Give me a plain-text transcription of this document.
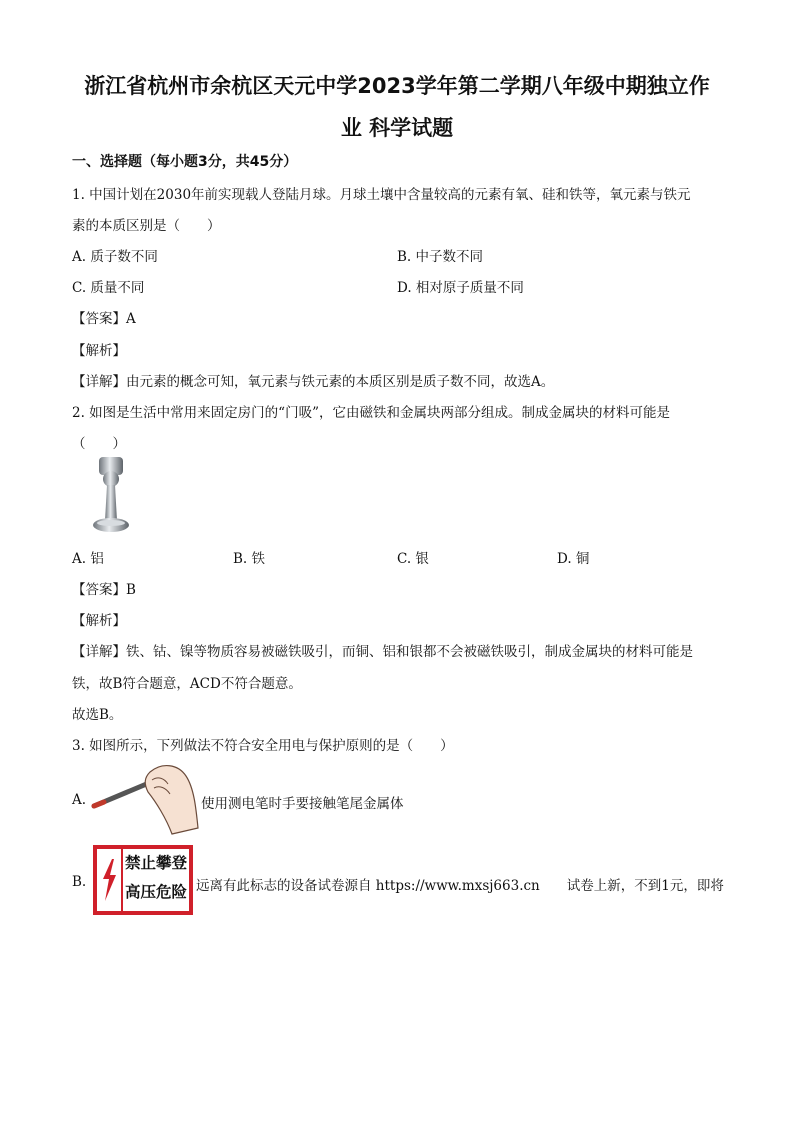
浙江省杭州市余杭区天元中学2023学年第二学期八年级中期独立作
业 科学试题
一、选择题（每小题3分，共45分）
1. 中国计划在2030年前实现载人登陆月球。月球土壤中含量较高的元素有氧、硅和铁等，氧元素与铁元
素的本质区别是（　　）
A. 质子数不同	B. 中子数不同
C. 质量不同	D. 相对原子质量不同
【答案】A
【解析】
【详解】由元素的概念可知，氧元素与铁元素的本质区别是质子数不同，故选A。
2. 如图是生活中常用来固定房门的“门吸”，它由磁铁和金属块两部分组成。制成金属块的材料可能是
（　　）
A. 铝	B. 铁	C. 银	D. 铜
【答案】B
【解析】
【详解】铁、钴、镍等物质容易被磁铁吸引，而铜、铝和银都不会被磁铁吸引，制成金属块的材料可能是
铁，故B符合题意，ACD不符合题意。
故选B。
3. 如图所示，下列做法不符合安全用电与保护原则的是（　　）
A.	使用测电笔时手要接触笔尾金属体
B.
禁止攀登
高压危险 远离有此标志的设备试卷源自 https://www.mxsj663.cn　　试卷上新，不到1元，即将
